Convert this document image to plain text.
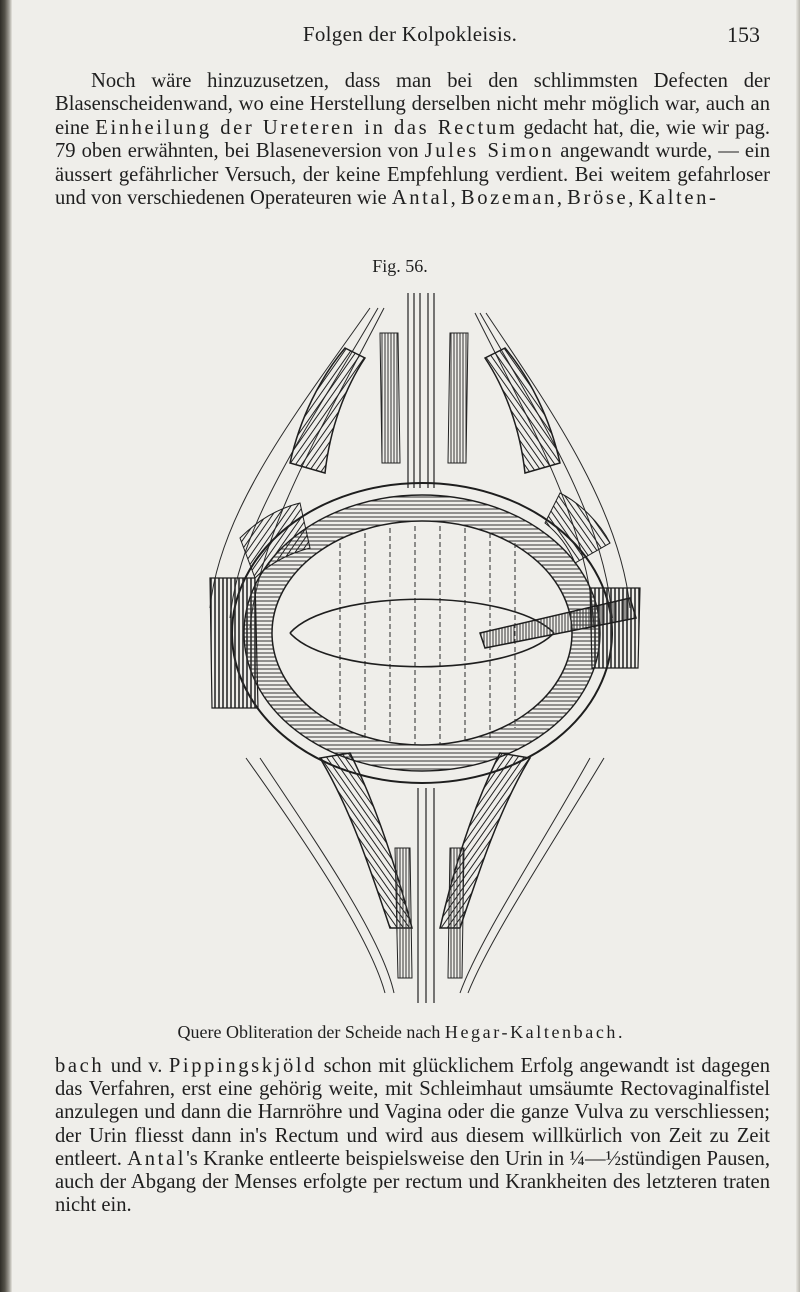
Folgen der Kolpokleisis.	153

Noch wäre hinzuzusetzen, dass man bei den schlimmsten Defecten der Blasenscheidenwand, wo eine Herstellung derselben nicht mehr möglich war, auch an eine Einheilung der Ureteren in das Rectum gedacht hat, die, wie wir pag. 79 oben erwähnten, bei Blaseneversion von Jules Simon angewandt wurde, — ein äussert gefährlicher Versuch, der keine Empfehlung verdient. Bei weitem gefahrloser und von verschiedenen Operateuren wie Antal, Bozeman, Bröse, Kalten-

Fig. 56.
Quere Obliteration der Scheide nach Hegar-Kaltenbach.

bach und v. Pippingskjöld schon mit glücklichem Erfolg angewandt ist dagegen das Verfahren, erst eine gehörig weite, mit Schleimhaut umsäumte Rectovaginalfistel anzulegen und dann die Harnröhre und Vagina oder die ganze Vulva zu verschliessen; der Urin fliesst dann in's Rectum und wird aus diesem willkürlich von Zeit zu Zeit entleert. Antal's Kranke entleerte beispielsweise den Urin in ¼—½stündigen Pausen, auch der Abgang der Menses erfolgte per rectum und Krankheiten des letzteren traten nicht ein.
